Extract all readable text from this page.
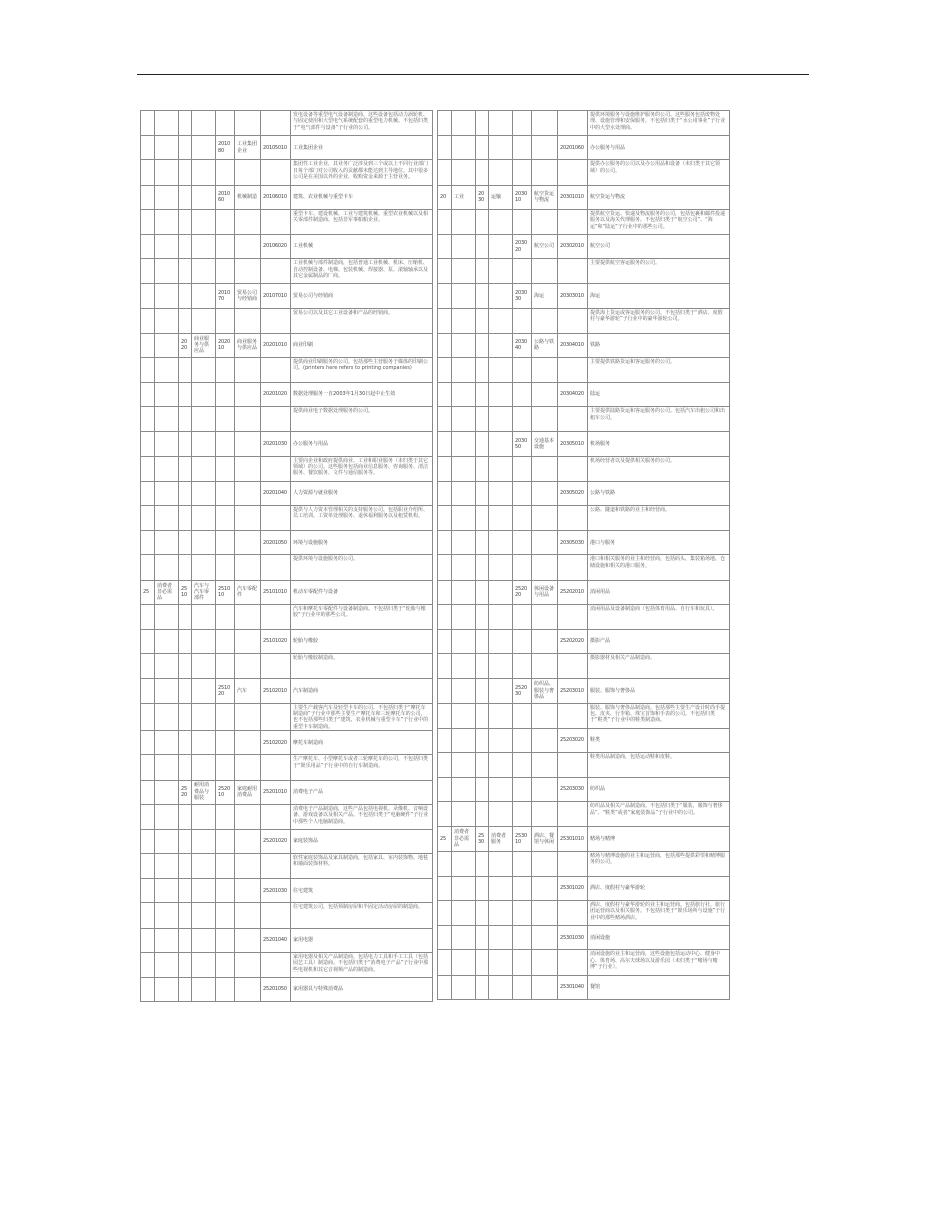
							发电设备等重型电气设备制造商。这些设备包括动力涡轮机、与固定使用和大型电气系统配套的重型电力机械。不包括归类于“电气部件与设备”子行业的公司。
				201080	工业集团企业	20105010	工业集团企业
							集团性工业企业，其业务广泛涉及到三个或以上不同行业部门且每个部门对公司收入的贡献都未能达到主导地位。其中很多公司是在美国以外的企业，收购资金来源于主营业务。
				201060	机械制造	20106010	建筑、农业机械与重型卡车
							重型卡车、建设机械、工业与建筑机械、重型农业机械以及相关零部件制造商。包括非军事船舶企业。
						20106020	工业机械
							工业机械与部件制造商，包括普通工业机械、机床、压缩机、自动控制设备、电梯、包装机械、焊接器、泵、滚轴轴承以及其它金属制品的厂商。
				201070	贸易公司与经销商	20107010	贸易公司与经销商
							贸易公司以及其它工业设备和产品的经销商。
		2020	商业服务与供应品	202010	商业服务与供应品	20201010	商业印刷
							提供商业印刷服务的公司。包括那些主营服务于媒体的印刷公司。(printers here refers to printing companies)
						20201020	数据处理服务一自2003年1月30日起中止生效
							提供商业电子数据处理服务的公司。
						20201030	办公服务与用品
							主要向企业和政府提供商业、工业和职业服务（未归类于其它领域）的公司。这些服务包括商业信息服务、咨询服务、清洁服务、餐饮服务、文件与通信服务等。
						20201040	人力资源与就业服务
							提供与人力资本管理相关的支持服务公司。包括职业介绍所、员工培训、工资单处理服务、退休福利服务以及租赁机构。
						20201050	环境与设施服务
							提供环境与设施服务的公司。
25	消费者非必需品	2510	汽车与汽车零部件	251010	汽车零配件	25101010	机动车零配件与设备
							汽车和摩托车零配件与设备制造商。不包括归类于“轮胎与橡胶”子行业中的那些公司。
						25101020	轮胎与橡胶
							轮胎与橡胶制造商。
				251020	汽车	25102010	汽车制造商
							主要生产载客汽车及轻型卡车的公司。不包括归类于“摩托车制造商”子行业中那些主要生产摩托车和三轮摩托车的公司，也不包括那些归类于“建筑、农业机械与重型卡车”子行业中的重型卡车制造商。
						25102020	摩托车制造商
							生产摩托车、小型摩托车或者三轮摩托车的公司，不包括归类于“娱乐用品”子行业中的自行车制造商。
		2520	耐用消费品与服装	252010	家庭耐用消费品	25201010	消费电子产品
							消费电子产品制造商，这些产品包括电视机、录像机、音响设备、游戏设备以及相关产品。不包括归类于“电脑硬件”子行业中那些个人电脑制造商。
						25201020	家庭装饰品
							软性家庭装饰品及家具制造商，包括家具、室内装饰物、地毯和墙面装饰材料。
						25201030	住宅建筑
							住宅建筑公司，包括预制房屋和半固定活动房屋的制造商。
						25201040	家用电器
							家用电器及相关产品制造商，包括电力工具和手工工具（包括园艺工具）制造商。不包括归类于“消费电子产品”子行业中那些电视机和其它音视频产品的制造商。
						25201050	家用器具与特殊消费品
							提供环境服务与设施维护服务的公司。这些服务包括废物处理、设施管理和安保服务。不包括归类于“水公用事业”子行业中的大型水处理商。
						20201060	办公服务与用品
							提供办公服务的公司以及办公用品和设备（未归类于其它领域）的公司。
20	工业	2030	运输	203010	航空货运与物流	20301010	航空货运与物流
							提供航空货运、快递及物流服务的公司，包括包裹和邮件投递服务以及海关代理服务。不包括归类于“航空公司”、“海运”和“陆运”子行业中的那些公司。
				203020	航空公司	20302010	航空公司
							主要提供航空客运服务的公司。
				203030	海运	20303010	海运
							提供海上货运或客运服务的公司。不包括归类于“酒店、度假村与豪华游轮”子行业中的豪华游轮公司。
				203040	公路与铁路	20304010	铁路
							主要提供铁路货运和客运服务的公司。
						20304020	陆运
							主要提供陆路货运和客运服务的公司。包括汽车出租公司和出租车公司。
				203050	交通基本设施	20305010	机场服务
							机场经营者以及提供相关服务的公司。
						20305020	公路与铁路
							公路、隧道和铁路的业主和经营商。
						20305030	港口与服务
							港口和相关服务的业主和经营商，包括码头、集装箱场地、仓储设施和相关的港口服务。
				252020	休闲设备与用品	25202010	消闲用品
							消闲用品及设备制造商（包括体育用品、自行车和玩具）。
						25202020	摄影产品
							摄影器材及相关产品制造商。
				252030	纺织品、服装与奢侈品	25203010	服装、服饰与奢侈品
							服装、服饰与奢侈品制造商。包括那些主要生产设计时尚手提包、皮夹、行李箱、珠宝首饰和手表的公司。不包括归类于“鞋类”子行业中的鞋类制造商。
						25203020	鞋类
							鞋类用品制造商，包括运动鞋和皮鞋。
						25203030	纺织品
							纺织品及相关产品制造商。不包括归类于“服装、服饰与奢侈品”、“鞋类”或者“家庭装饰品”子行业中的公司。
25	消费者非必需品	2530	消费者服务	253010	酒店、餐馆与休闲	25301010	赌场与赌博
							赌场与赌博设施的业主和运营商，包括那些提供彩票和赌博服务的公司。
						25301020	酒店、度假村与豪华游轮
							酒店、度假村与豪华游轮的业主和运营商。包括旅行社、旅行团运营商以及相关服务。不包括归类于“娱乐场所与设施”子行业中的那些赌场酒店。
						25301030	消闲设施
							消闲设施的业主和运营商，这些设施包括运动中心、健身中心、体育场、高尔夫球场以及游乐园（未归类于“赌场与赌博”子行业）。
						25301040	餐馆
